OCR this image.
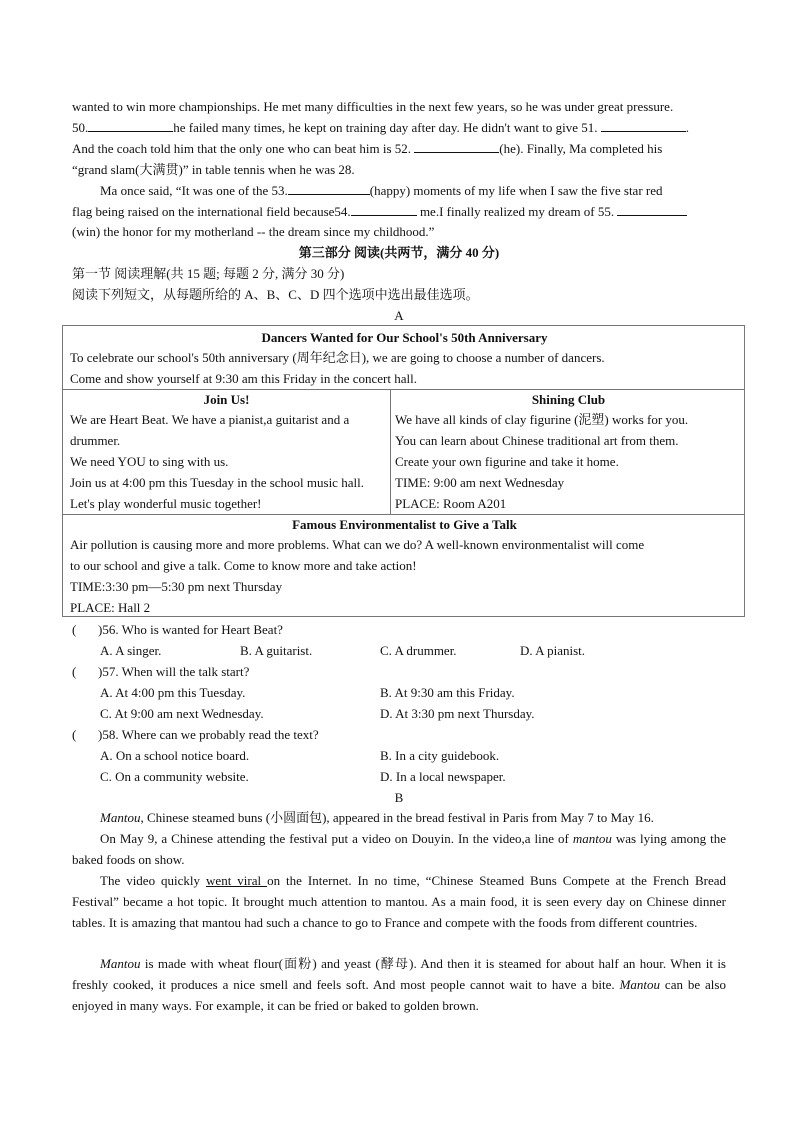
wanted to win more championships. He met many difficulties in the next few years, so he was under great pressure.
50.	he failed many times, he kept on training day after day. He didn't want to give 51.	.
And the coach told him that the only one who can beat him is 52.	(he). Finally, Ma completed his
“grand slam(大满贯)” in table tennis when he was 28.
Ma once said, “It was one of the 53.	(happy) moments of my life when I saw the five star red
flag being raised on the international field because54.	me.I finally realized my dream of 55.
(win) the honor for my motherland -- the dream since my childhood.”
第三部分 阅读(共两节，满分 40 分)
第一节 阅读理解(共 15 题; 每题 2 分, 满分 30 分)
阅读下列短文，从每题所给的 A、B、C、D 四个选项中选出最佳选项。
A
Dancers Wanted for Our School's 50th Anniversary
To celebrate our school's 50th anniversary (周年纪念日), we are going to choose a number of dancers.
Come and show yourself at 9:30 am this Friday in the concert hall.
Join Us!
We are Heart Beat. We have a pianist,a guitarist and a
drummer.
We need YOU to sing with us.
Join us at 4:00 pm this Tuesday in the school music hall.
Let's play wonderful music together!
Shining Club
We have all kinds of clay figurine (泥塑) works for you.
You can learn about Chinese traditional art from them.
Create your own figurine and take it home.
TIME: 9:00 am next Wednesday
PLACE: Room A201
Famous Environmentalist to Give a Talk
Air pollution is causing more and more problems. What can we do? A well-known environmentalist will come
to our school and give a talk. Come to know more and take action!
TIME:3:30 pm—5:30 pm next Thursday
PLACE: Hall 2
( )56. Who is wanted for Heart Beat?
A. A singer.	B. A guitarist.	C. A drummer.	D. A pianist.
( )57. When will the talk start?
A. At 4:00 pm this Tuesday.	B. At 9:30 am this Friday.
C. At 9:00 am next Wednesday.	D. At 3:30 pm next Thursday.
( )58. Where can we probably read the text?
A. On a school notice board.	B. In a city guidebook.
C. On a community website.	D. In a local newspaper.
B
Mantou, Chinese steamed buns (小圆面包), appeared in the bread festival in Paris from May 7 to May 16.
On May 9, a Chinese attending the festival put a video on Douyin. In the video,a line of mantou was lying among the baked foods on show.
The video quickly went viral on the Internet. In no time, “Chinese Steamed Buns Compete at the French Bread Festival” became a hot topic. It brought much attention to mantou. As a main food, it is seen every day on Chinese dinner tables. It is amazing that mantou had such a chance to go to France and compete with the foods from different countries.
Mantou is made with wheat flour(面粉) and yeast (酵母). And then it is steamed for about half an hour. When it is freshly cooked, it produces a nice smell and feels soft. And most people cannot wait to have a bite. Mantou can be also enjoyed in many ways. For example, it can be fried or baked to golden brown.
